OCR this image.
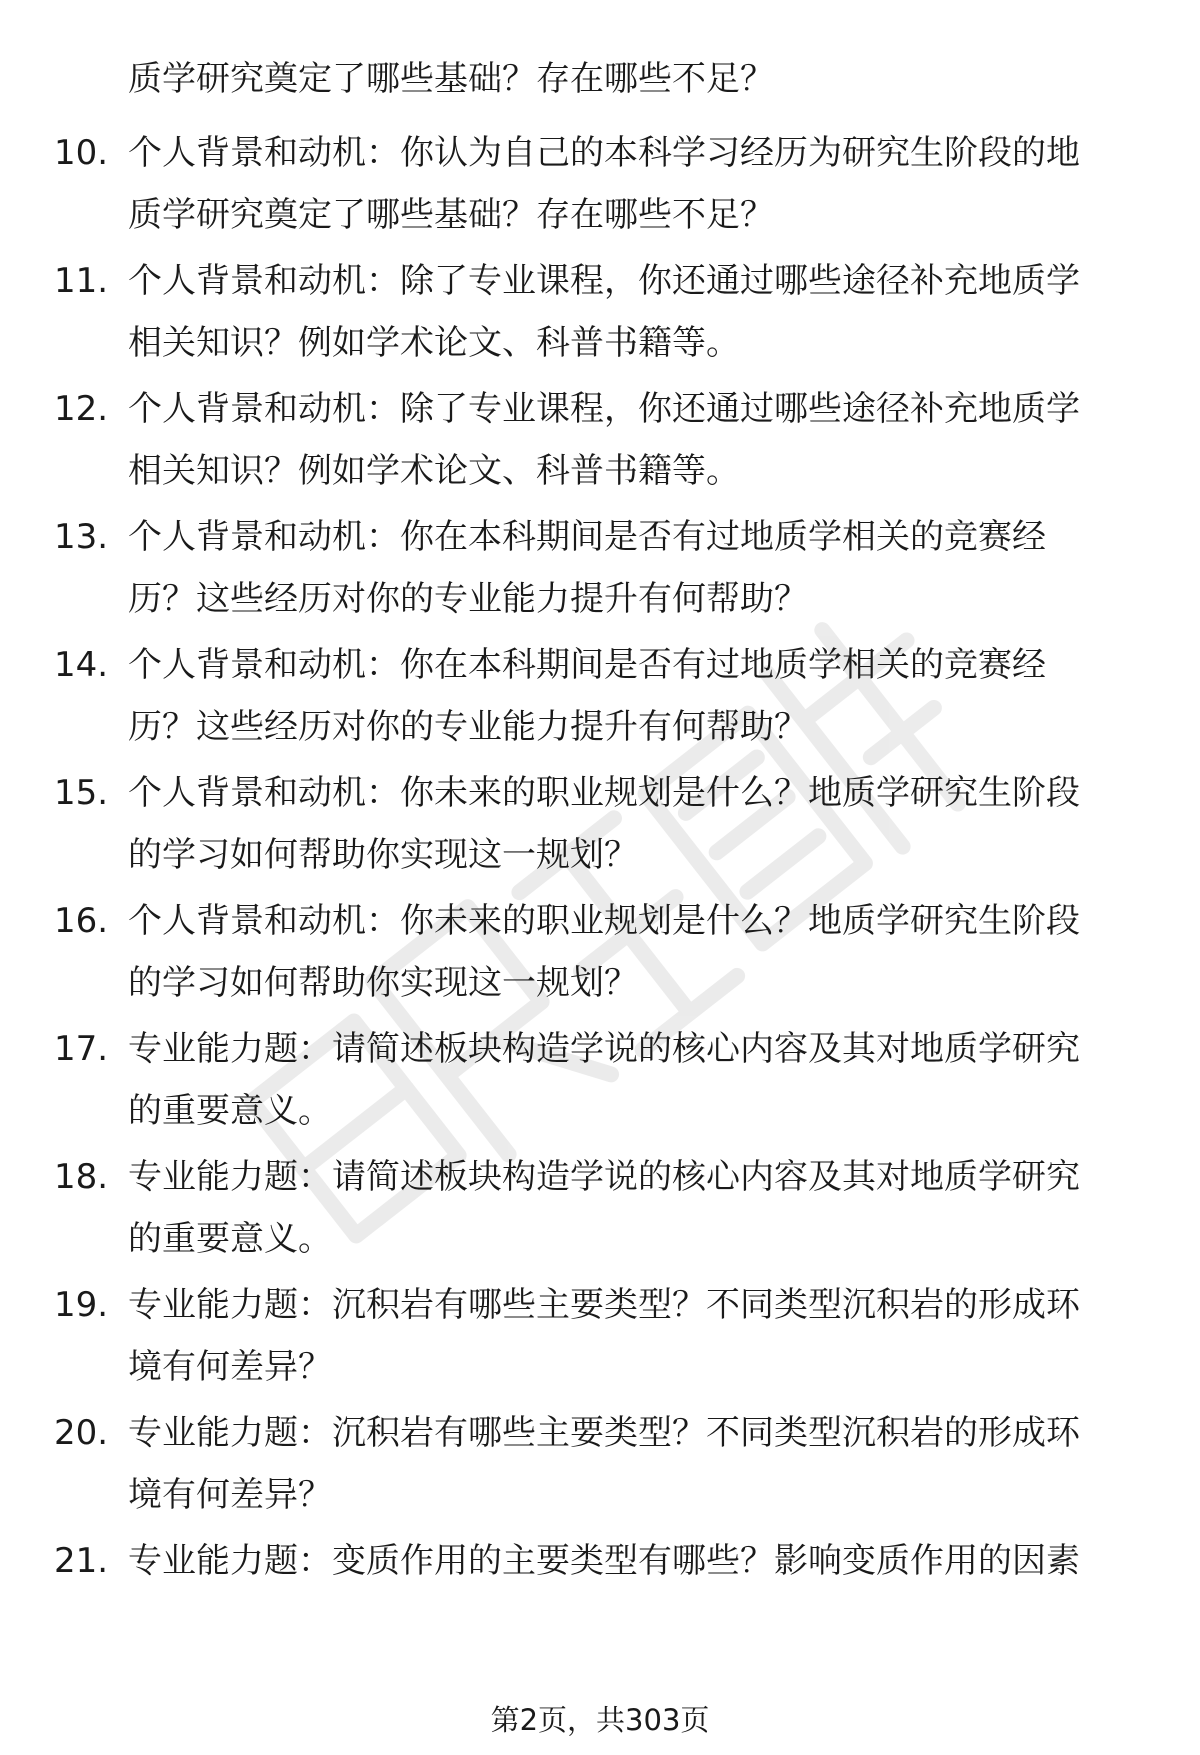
质学研究奠定了哪些基础？存在哪些不足？
10. 个人背景和动机：你认为自己的本科学习经历为研究生阶段的地
质学研究奠定了哪些基础？存在哪些不足？
11. 个人背景和动机：除了专业课程，你还通过哪些途径补充地质学
相关知识？例如学术论文、科普书籍等。
12. 个人背景和动机：除了专业课程，你还通过哪些途径补充地质学
相关知识？例如学术论文、科普书籍等。
13. 个人背景和动机：你在本科期间是否有过地质学相关的竞赛经
历？这些经历对你的专业能力提升有何帮助？
14. 个人背景和动机：你在本科期间是否有过地质学相关的竞赛经
历？这些经历对你的专业能力提升有何帮助？
15. 个人背景和动机：你未来的职业规划是什么？地质学研究生阶段
的学习如何帮助你实现这一规划？
16. 个人背景和动机：你未来的职业规划是什么？地质学研究生阶段
的学习如何帮助你实现这一规划？
17. 专业能力题：请简述板块构造学说的核心内容及其对地质学研究
的重要意义。
18. 专业能力题：请简述板块构造学说的核心内容及其对地质学研究
的重要意义。
19. 专业能力题：沉积岩有哪些主要类型？不同类型沉积岩的形成环
境有何差异？
20. 专业能力题：沉积岩有哪些主要类型？不同类型沉积岩的形成环
境有何差异？
21. 专业能力题：变质作用的主要类型有哪些？影响变质作用的因素
第2页，共303页
